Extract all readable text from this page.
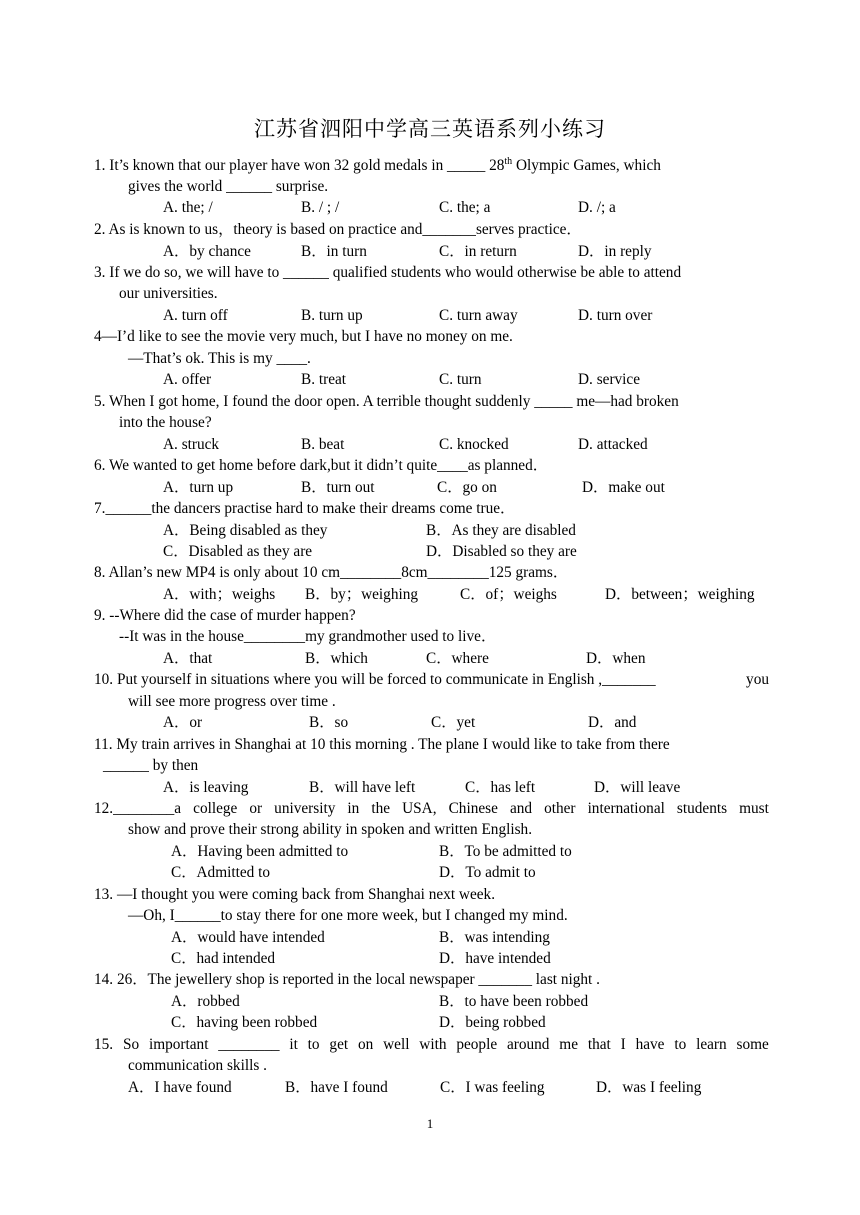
江苏省泗阳中学高三英语系列小练习
1. It’s known that our player have won 32 gold medals in _____ 28th Olympic Games, which
gives the world ______ surprise.
A. the; /	B. / ; /	C. the; a	D. /; a
2. As is known to us，theory is based on practice and_______serves practice．
A．by chance	B．in turn	C．in return	D．in reply
3. If we do so, we will have to ______ qualified students who would otherwise be able to attend
our universities.
A. turn off	B. turn up	C. turn away	D. turn over
4—I’d like to see the movie very much, but I have no money on me.
—That’s ok. This is my ____.
A. offer	B. treat	C. turn	D. service
5. When I got home, I found the door open. A terrible thought suddenly _____ me—had broken
into the house?
A. struck	B. beat	C. knocked	D. attacked
6. We wanted to get home before dark,but it didn’t quite____as planned．
A．turn up	B．turn out	C．go on	D．make out
7.______the dancers practise hard to make their dreams come true．
A．Being disabled as they	B．As they are disabled
C．Disabled as they are	D．Disabled so they are
8. Allan’s new MP4 is only about 10 cm________8cm________125 grams．
A．with；weighs B．by；weighing	C．of；weighs	D．between；weighing
9. --Where did the case of murder happen?
--It was in the house________my grandmother used to live．
A．that	B．which	C．where	D．when
10. Put yourself in situations where you will be forced to communicate in English ,_______	you
will see more progress over time .
A．or	B．so	C．yet	D．and
11. My train arrives in Shanghai at 10 this morning . The plane I would like to take from there
______ by then
A．is leaving	B．will have left	C．has left	D．will leave
12.________a college or university in the USA, Chinese and other international students must
show and prove their strong ability in spoken and written English.
A．Having been admitted to	B．To be admitted to
C．Admitted to	D．To admit to
13. —I thought you were coming back from Shanghai next week.
—Oh, I______to stay there for one more week, but I changed my mind.
A．would have intended	B．was intending
C．had intended	D．have intended
14. 26．The jewellery shop is reported in the local newspaper _______ last night .
A．robbed	B．to have been robbed
C．having been robbed	D．being robbed
15. So important ________ it to get on well with people around me that I have to learn some
communication skills .
A．I have found	B．have I found	C．I was feeling	D．was I feeling
1
